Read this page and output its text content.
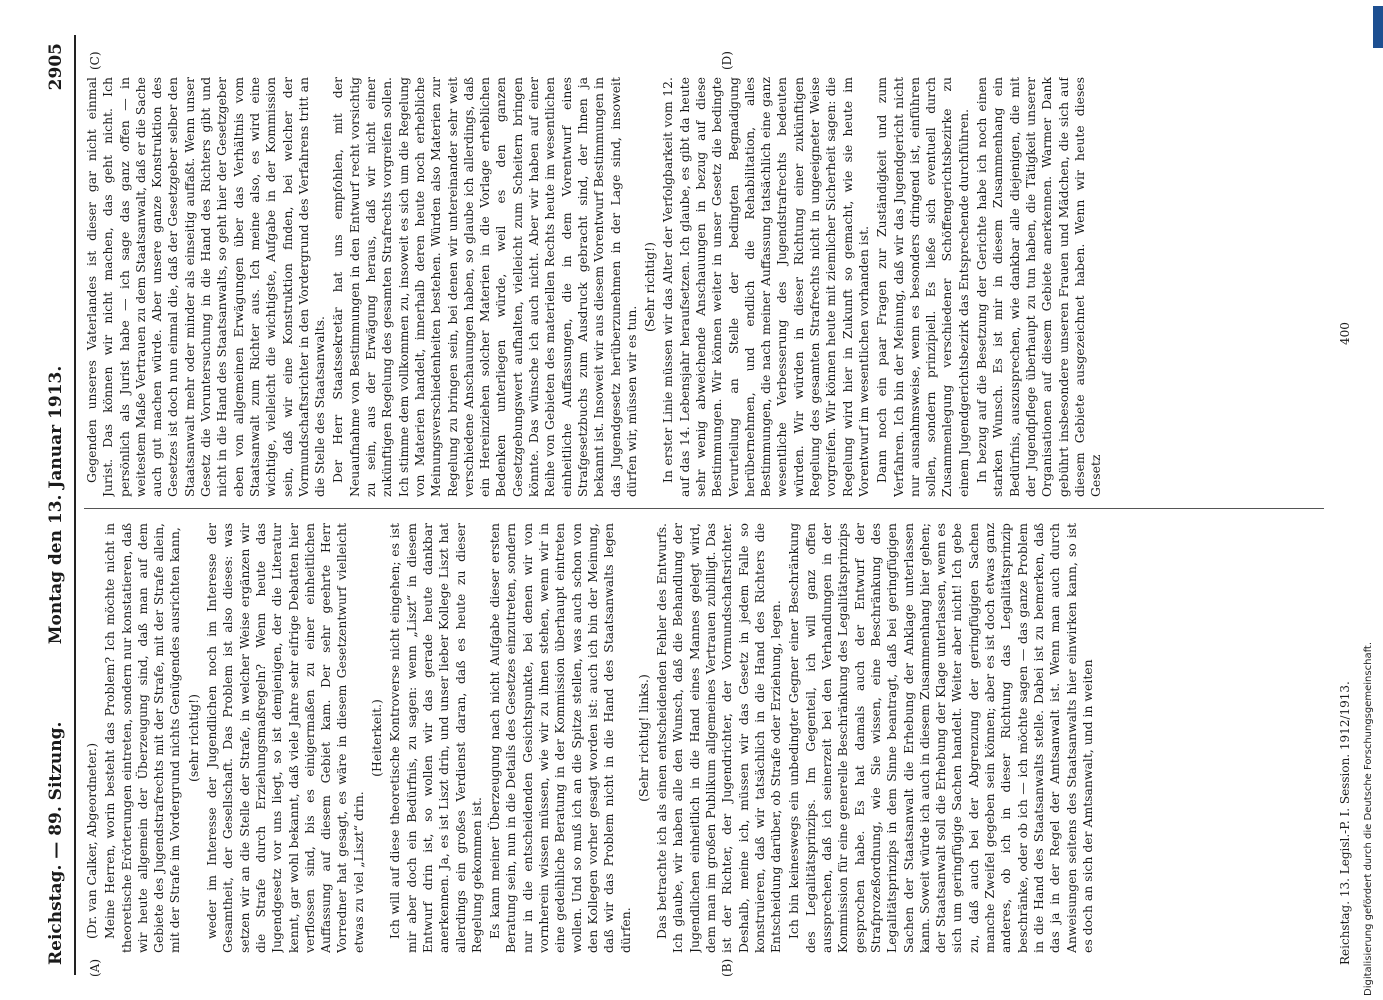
Reichstag. — 89. Sitzung.
Montag den 13. Januar 1913.
2905
(A)	(B)
(C)	(D)

(Dr. van Calker, Abgeordneter.) Meine Herren, worin besteht das Problem? Ich möchte nicht in theoretische Erörterungen eintreten, sondern nur konstatieren, daß wir heute allgemein der Überzeugung sind, daß man auf dem Gebiete des Jugendstrafrechts mit der Strafe, mit der Strafe allein, mit der Strafe im Vordergrund nichts Genügendes ausrichten kann, (sehr richtig!) weder im Interesse der Jugendlichen noch im Interesse der Gesamtheit, der Gesellschaft. Das Problem ist also dieses: was setzen wir an die Stelle der Strafe, in welcher Weise ergänzen wir die Strafe durch Erziehungsmaßregeln? Wenn heute das Jugendgesetz vor uns liegt, so ist demjenigen, der die Literatur kennt, gar wohl bekannt, daß viele Jahre sehr eifrige Debatten hier verflossen sind, bis es einigermaßen zu einer einheitlichen Auffassung auf diesem Gebiet kam. Der sehr geehrte Herr Vorredner hat gesagt, es wäre in diesem Gesetzentwurf vielleicht etwas zu viel „Liszt“ drin.

(Heiterkeit.) Ich will auf diese theoretische Kontroverse nicht eingehen; es ist mir aber doch ein Bedürfnis, zu sagen: wenn „Liszt“ in diesem Entwurf drin ist, so wollen wir das gerade heute dankbar anerkennen. Ja, es ist Liszt drin, und unser lieber Kollege Liszt hat allerdings ein großes Verdienst daran, daß es heute zu dieser Regelung gekommen ist. Es kann meiner Überzeugung nach nicht Aufgabe dieser ersten Beratung sein, nun in die Details des Gesetzes einzutreten, sondern nur in die entscheidenden Gesichtspunkte, bei denen wir von vornherein wissen müssen, wie wir zu ihnen stehen, wenn wir in eine gedeihliche Beratung in der Kommission überhaupt eintreten wollen. Und so muß ich an die Spitze stellen, was auch schon von den Kollegen vorher gesagt worden ist: auch ich bin der Meinung, daß wir das Problem nicht in die Hand des Staatsanwalts legen dürfen.

(Sehr richtig! links.) Das betrachte ich als einen entscheidenden Fehler des Entwurfs. Ich glaube, wir haben alle den Wunsch, daß die Behandlung der Jugendlichen einheitlich in die Hand eines Mannes gelegt wird, dem man im großen Publikum allgemeines Vertrauen zubilligt. Das ist der Richter, der Jugendrichter, der Vormundschaftsrichter. Deshalb, meine ich, müssen wir das Gesetz in jedem Falle so konstruieren, daß wir tatsächlich in die Hand des Richters die Entscheidung darüber, ob Strafe oder Erziehung, legen. Ich bin keineswegs ein unbedingter Gegner einer Beschränkung des Legalitätsprinzips. Im Gegenteil, ich will ganz offen aussprechen, daß ich seinerzeit bei den Verhandlungen in der Kommission für eine generelle Beschränkung des Legalitätsprinzips gesprochen habe. Es hat damals auch der Entwurf der Strafprozeßordnung, wie Sie wissen, eine Beschränkung des Legalitätsprinzips in dem Sinne beantragt, daß bei geringfügigen Sachen der Staatsanwalt die Erhebung der Anklage unterlassen kann. Soweit würde ich auch in diesem Zusammenhang hier gehen; der Staatsanwalt soll die Erhebung der Klage unterlassen, wenn es sich um geringfügige Sachen handelt. Weiter aber nicht! Ich gebe zu, daß auch bei der Abgrenzung der geringfügigen Sachen manche Zweifel gegeben sein können; aber es ist doch etwas ganz anderes, ob ich in dieser Richtung das Legalitätsprinzip beschränke, oder ob ich — ich möchte sagen — das ganze Problem in die Hand des Staatsanwalts stelle. Dabei ist zu bemerken, daß das ja in der Regel der Amtsanwalt ist. Wenn man auch durch Anweisungen seitens des Staatsanwalts hier einwirken kann, so ist es doch an sich der Amtsanwalt, und in weiten

Gegenden unseres Vaterlandes ist dieser gar nicht einmal Jurist. Das können wir nicht machen, das geht nicht. Ich persönlich als Jurist habe — ich sage das ganz offen — in weitestem Maße Vertrauen zu dem Staatsanwalt, daß er die Sache auch gut machen würde. Aber unsere ganze Konstruktion des Gesetzes ist doch nun einmal die, daß der Gesetzgeber selber den Staatsanwalt mehr oder minder als einseitig auffaßt. Wenn unser Gesetz die Voruntersuchung in die Hand des Richters gibt und nicht in die Hand des Staatsanwalts, so geht hier der Gesetzgeber eben von allgemeinen Erwägungen über das Verhältnis vom Staatsanwalt zum Richter aus. Ich meine also, es wird eine wichtige, vielleicht die wichtigste, Aufgabe in der Kommission sein, daß wir eine Konstruktion finden, bei welcher der Vormundschaftsrichter in den Vordergrund des Verfahrens tritt an die Stelle des Staatsanwalts. Der Herr Staatssekretär hat uns empfohlen, mit der Neuaufnahme von Bestimmungen in den Entwurf recht vorsichtig zu sein, aus der Erwägung heraus, daß wir nicht einer zukünftigen Regelung des gesamten Strafrechts vorgreifen sollen. Ich stimme dem vollkommen zu, insoweit es sich um die Regelung von Materien handelt, innerhalb deren heute noch erhebliche Meinungsverschiedenheiten bestehen. Würden also Materien zur Regelung zu bringen sein, bei denen wir untereinander sehr weit verschiedene Anschauungen haben, so glaube ich allerdings, daß ein Hereinziehen solcher Materien in die Vorlage erheblichen Bedenken unterliegen würde, weil es den ganzen Gesetzgebungswert aufhalten, vielleicht zum Scheitern bringen könnte. Das wünsche ich auch nicht. Aber wir haben auf einer Reihe von Gebieten des materiellen Rechts heute im wesentlichen einheitliche Auffassungen, die in dem Vorentwurf eines Strafgesetzbuchs zum Ausdruck gebracht sind, der Ihnen ja bekannt ist. Insoweit wir aus diesem Vorentwurf Bestimmungen in das Jugendgesetz herüberzunehmen in der Lage sind, insoweit dürfen wir, müssen wir es tun.

(Sehr richtig!) In erster Linie müssen wir das Alter der Verfolgbarkeit vom 12. auf das 14. Lebensjahr heraufsetzen. Ich glaube, es gibt da heute sehr wenig abweichende Anschauungen in bezug auf diese Bestimmungen. Wir können weiter in unser Gesetz die bedingte Verurteilung an Stelle der bedingten Begnadigung herübernehmen, und endlich die Rehabilitation, alles Bestimmungen, die nach meiner Auffassung tatsächlich eine ganz wesentliche Verbesserung des Jugendstrafrechts bedeuten würden. Wir würden in dieser Richtung einer zukünftigen Regelung des gesamten Strafrechts nicht in ungeeigneter Weise vorgreifen. Wir können heute mit ziemlicher Sicherheit sagen: die Regelung wird hier in Zukunft so gemacht, wie sie heute im Vorentwurf im wesentlichen vorhanden ist. Dann noch ein paar Fragen zur Zuständigkeit und zum Verfahren. Ich bin der Meinung, daß wir das Jugendgericht nicht nur ausnahmsweise, wenn es besonders dringend ist, einführen sollen, sondern prinzipiell. Es ließe sich eventuell durch Zusammenlegung verschiedener Schöffengerichtsbezirke zu einem Jugendgerichtsbezirk das Entsprechende durchführen. In bezug auf die Besetzung der Gerichte habe ich noch einen starken Wunsch. Es ist mir in diesem Zusammenhang ein Bedürfnis, auszusprechen, wie dankbar alle diejenigen, die mit der Jugendpflege überhaupt zu tun haben, die Tätigkeit unserer Organisationen auf diesem Gebiete anerkennen. Warmer Dank gebührt insbesondere unseren Frauen und Mädchen, die sich auf diesem Gebiete ausgezeichnet haben. Wenn wir heute dieses Gesetz

Reichstag. 13. Legisl.-P. I. Session. 1912/1913.
400
Digitalisierung gefördert durch die Deutsche Forschungsgemeinschaft.
